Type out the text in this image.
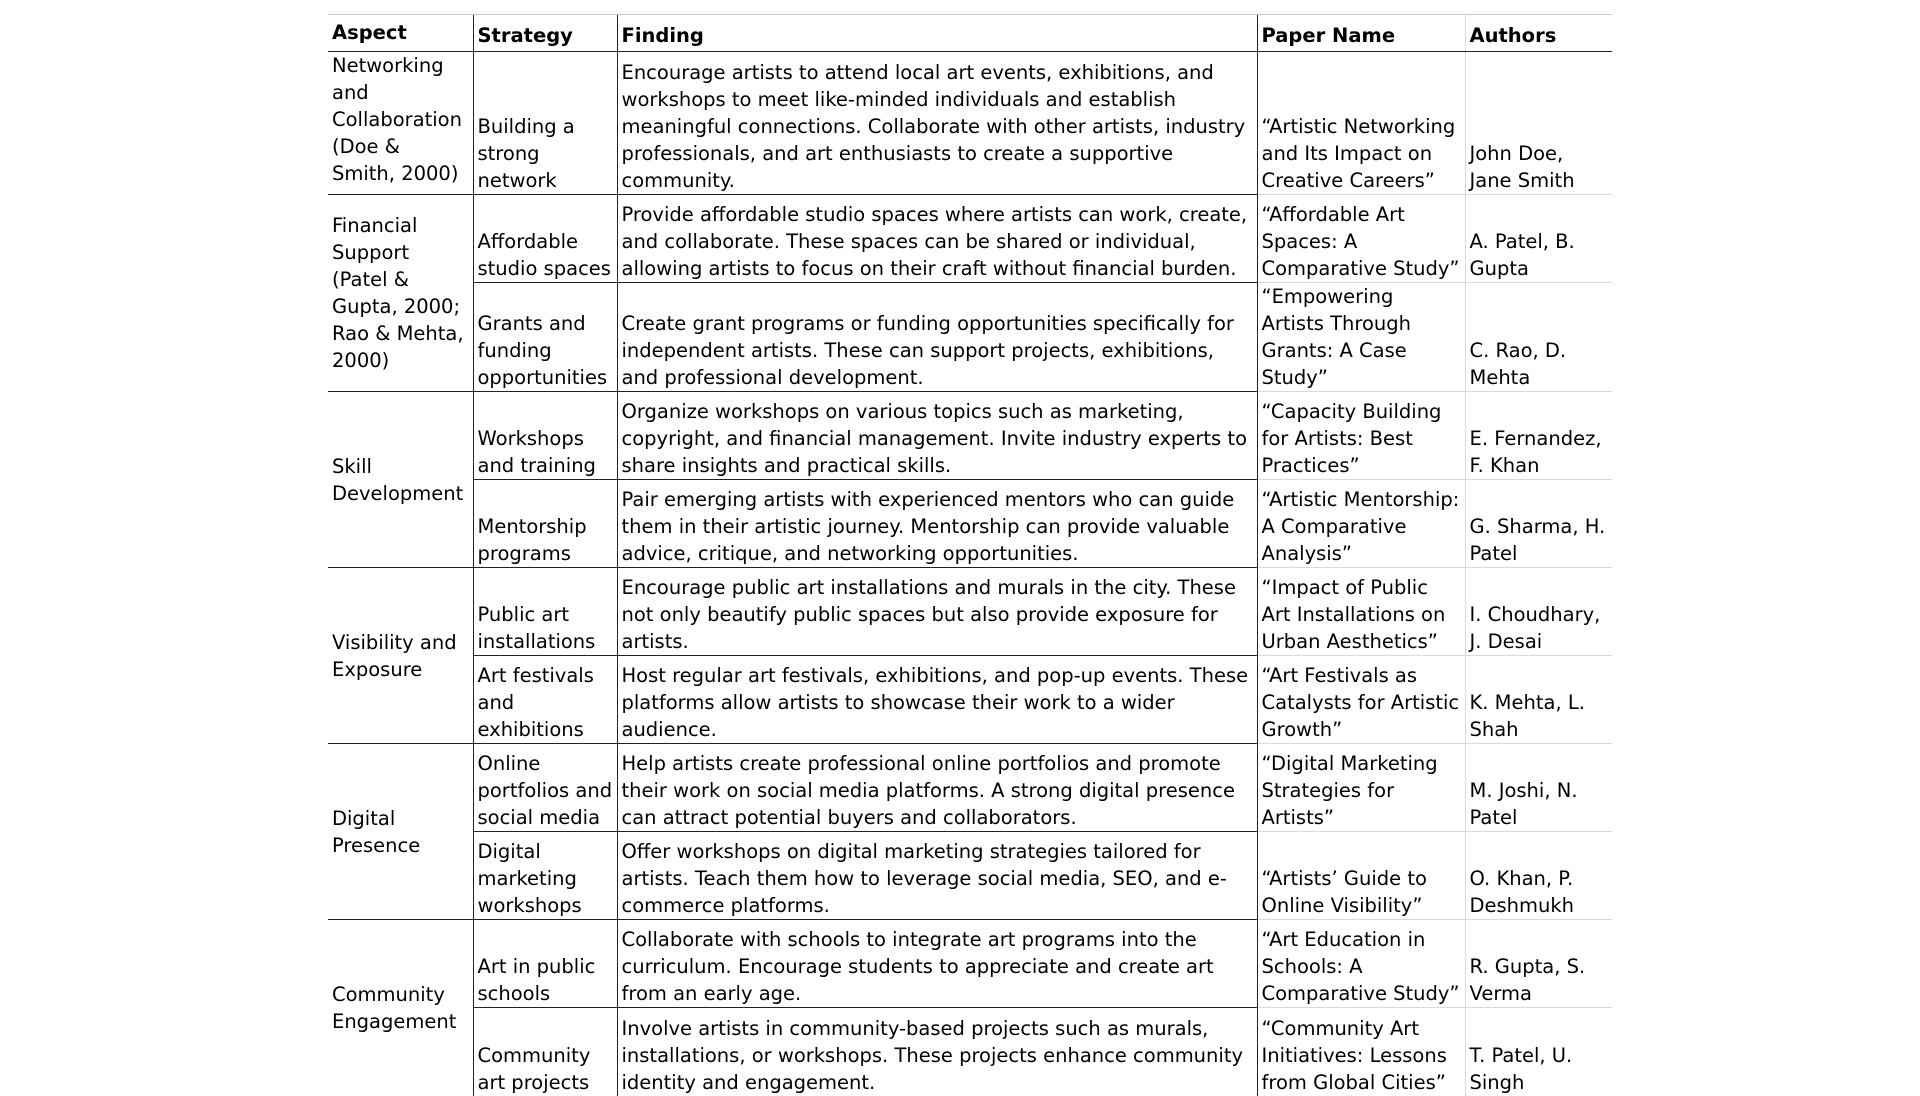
Aspect	Strategy	Finding	Paper Name	Authors
Networking and Collaboration (Doe & Smith, 2000)	Building a strong network	Encourage artists to attend local art events, exhibitions, and workshops to meet like-minded individuals and establish meaningful connections. Collaborate with other artists, industry professionals, and art enthusiasts to create a supportive community.	“Artistic Networking and Its Impact on Creative Careers”	John Doe, Jane Smith
Financial Support (Patel & Gupta, 2000; Rao & Mehta, 2000)	Affordable studio spaces	Provide affordable studio spaces where artists can work, create, and collaborate. These spaces can be shared or individual, allowing artists to focus on their craft without financial burden.	“Affordable Art Spaces: A Comparative Study”	A. Patel, B. Gupta
	Grants and funding opportunities	Create grant programs or funding opportunities specifically for independent artists. These can support projects, exhibitions, and professional development.	“Empowering Artists Through Grants: A Case Study”	C. Rao, D. Mehta
Skill Development	Workshops and training	Organize workshops on various topics such as marketing, copyright, and financial management. Invite industry experts to share insights and practical skills.	“Capacity Building for Artists: Best Practices”	E. Fernandez, F. Khan
	Mentorship programs	Pair emerging artists with experienced mentors who can guide them in their artistic journey. Mentorship can provide valuable advice, critique, and networking opportunities.	“Artistic Mentorship: A Comparative Analysis”	G. Sharma, H. Patel
Visibility and Exposure	Public art installations	Encourage public art installations and murals in the city. These not only beautify public spaces but also provide exposure for artists.	“Impact of Public Art Installations on Urban Aesthetics”	I. Choudhary, J. Desai
	Art festivals and exhibitions	Host regular art festivals, exhibitions, and pop-up events. These platforms allow artists to showcase their work to a wider audience.	“Art Festivals as Catalysts for Artistic Growth”	K. Mehta, L. Shah
Digital Presence	Online portfolios and social media	Help artists create professional online portfolios and promote their work on social media platforms. A strong digital presence can attract potential buyers and collaborators.	“Digital Marketing Strategies for Artists”	M. Joshi, N. Patel
	Digital marketing workshops	Offer workshops on digital marketing strategies tailored for artists. Teach them how to leverage social media, SEO, and e-commerce platforms.	“Artists’ Guide to Online Visibility”	O. Khan, P. Deshmukh
Community Engagement	Art in public schools	Collaborate with schools to integrate art programs into the curriculum. Encourage students to appreciate and create art from an early age.	“Art Education in Schools: A Comparative Study”	R. Gupta, S. Verma
	Community art projects	Involve artists in community-based projects such as murals, installations, or workshops. These projects enhance community identity and engagement.	“Community Art Initiatives: Lessons from Global Cities”	T. Patel, U. Singh
